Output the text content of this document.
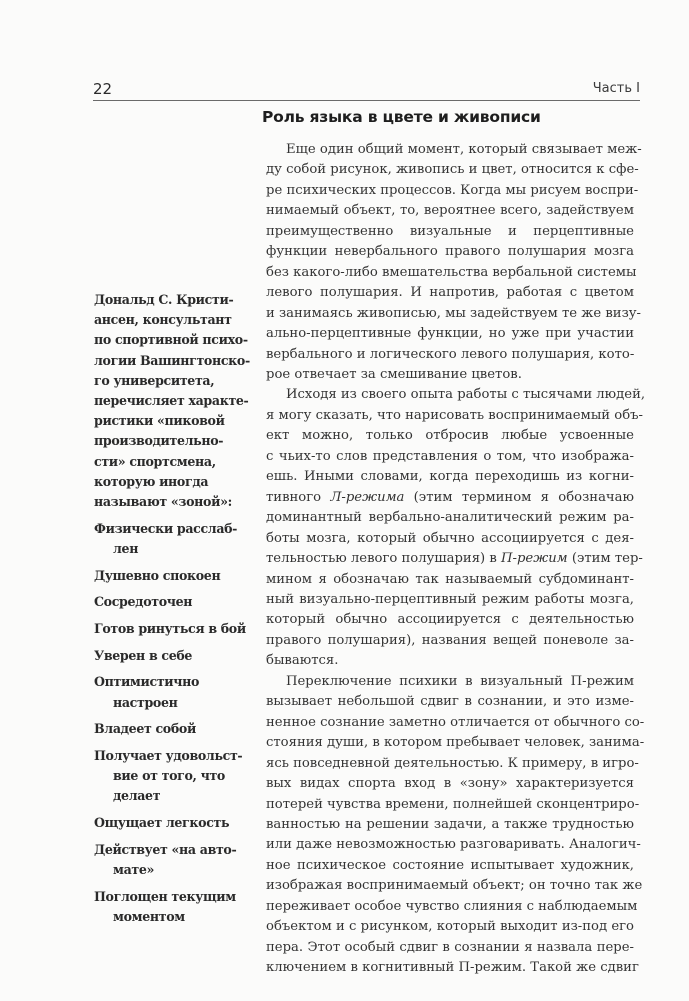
22	Часть I
Роль языка в цвете и живописи
Еще один общий момент, который связывает меж-
ду собой рисунок, живопись и цвет, относится к сфе-
ре психических процессов. Когда мы рисуем воспри-
нимаемый объект, то, вероятнее всего, задействуем
преимущественно визуальные и перцептивные
функции невербального правого полушария мозга
без какого-либо вмешательства вербальной системы
левого полушария. И напротив, работая с цветом
и занимаясь живописью, мы задействуем те же визу-
ально-перцептивные функции, но уже при участии
вербального и логического левого полушария, кото-
рое отвечает за смешивание цветов.
Исходя из своего опыта работы с тысячами людей,
я могу сказать, что нарисовать воспринимаемый объ-
ект можно, только отбросив любые усвоенные
с чьих-то слов представления о том, что изобража-
ешь. Иными словами, когда переходишь из когни-
тивного Л-режима (этим термином я обозначаю
доминантный вербально-аналитический режим ра-
боты мозга, который обычно ассоциируется с дея-
тельностью левого полушария) в П-режим (этим тер-
мином я обозначаю так называемый субдоминант-
ный визуально-перцептивный режим работы мозга,
который обычно ассоциируется с деятельностью
правого полушария), названия вещей поневоле за-
бываются.
Переключение психики в визуальный П-режим
вызывает небольшой сдвиг в сознании, и это изме-
ненное сознание заметно отличается от обычного со-
стояния души, в котором пребывает человек, занима-
ясь повседневной деятельностью. К примеру, в игро-
вых видах спорта вход в «зону» характеризуется
потерей чувства времени, полнейшей сконцентриро-
ванностью на решении задачи, а также трудностью
или даже невозможностью разговаривать. Аналогич-
ное психическое состояние испытывает художник,
изображая воспринимаемый объект; он точно так же
переживает особое чувство слияния с наблюдаемым
объектом и с рисунком, который выходит из-под его
пера. Этот особый сдвиг в сознании я назвала пере-
ключением в когнитивный П-режим. Такой же сдвиг
Дональд С. Кристи-
ансен, консультант
по спортивной психо-
логии Вашингтонско-
го университета,
перечисляет характе-
ристики «пиковой
производительно-
сти» спортсмена,
которую иногда
называют «зоной»:
Физически расслаб-
лен
Душевно спокоен
Сосредоточен
Готов ринуться в бой
Уверен в себе
Оптимистично
настроен
Владеет собой
Получает удовольст-
вие от того, что
делает
Ощущает легкость
Действует «на авто-
мате»
Поглощен текущим
моментом
